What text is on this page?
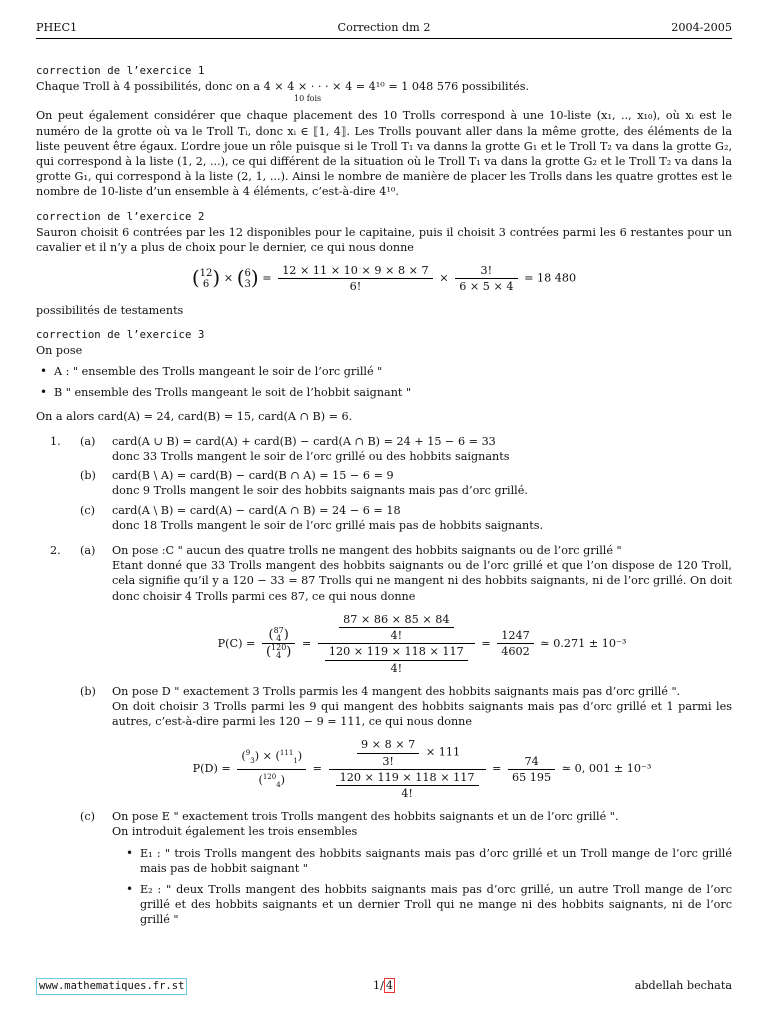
PHEC1	Correction dm 2	2004-2005
correction de l’exercice 1

Chaque Troll à 4 possibilités, donc on a 4 × 4 × · · · × 4 = 4¹⁰ = 1 048 576 possibilités.

10 fois

On peut également considérer que chaque placement des 10 Trolls correspond à une 10-liste (x₁, .., x₁₀), où xᵢ est le numéro de la grotte où va le Troll Tᵢ, donc xᵢ ∈ ⟦1, 4⟧. Les Trolls pouvant aller dans la même grotte, des éléments de la liste peuvent être égaux. L’ordre joue un rôle puisque si le Troll T₁ va danns la grotte G₁ et le Troll T₂ va dans la grotte G₂, qui correspond à la liste (1, 2, ...), ce qui différent de la situation où le Troll T₁ va dans la grotte G₂ et le Troll T₂ va dans la grotte G₁, qui correspond à la liste (2, 1, ...). Ainsi le nombre de manière de placer les Trolls dans les quatre grottes est le nombre de 10-liste d’un ensemble à 4 éléments, c’est-à-dire 4¹⁰.

correction de l’exercice 2

Sauron choisit 6 contrées par les 12 disponibles pour le capitaine, puis il choisit 3 contrées parmi les 6 restantes pour un cavalier et il n’y a plus de choix pour le dernier, ce qui nous donne

(12
6 ) × (6
$3) = \frac{12 \times 11 \times 10 \times 9 \times 8 \times 7}{6!} \times \frac{3!}{6 \times 5 \times 4} = 18$ 480

possibilités de testaments

correction de l’exercice 3

On pose

• A : " ensemble des Trolls mangeant le soir de l’orc grillé "
• B " ensemble des Trolls mangeant le soit de l’hobbit saignant "

On a alors card(A) = 24, card(B) = 15, card(A ∩ B) = 6.

1. (a) card(A ∪ B) = card(A) + card(B) − card(A ∩ B) = 24 + 15 − 6 = 33
donc 33 Trolls mangent le soir de l’orc grillé ou des hobbits saignants
(b) card(B \ A) = card(B) − card(B ∩ A) = 15 − 6 = 9
donc 9 Trolls mangent le soir des hobbits saignants mais pas d’orc grillé.
(c) card(A \ B) = card(A) − card(A ∩ B) = 24 − 6 = 18
donc 18 Trolls mangent le soir de l’orc grillé mais pas de hobbits saignants.
2. (a) On pose :C " aucun des quatre trolls ne mangent des hobbits saignants ou de l’orc grillé "
Etant donné que 33 Trolls mangent des hobbits saignants ou de l’orc grillé et que l’on dispose de 120 Troll, cela signifie qu’il y a 120 − 33 = 87 Trolls qui ne mangent ni des hobbits saignants, ni de l’orc grillé. On doit donc choisir 4 Trolls parmi ces 87, ce qui nous donne
P(C) =
(87
4 )
(120
4 )
= $\frac{\frac{87 \times 86 \times 85 \times 84}{4!}}{\frac{120 \times 119 \times 118 \times 117}{4!}} = \frac{1247}{4602}$ ≃ 0.271 ± 10⁻³
(b) On pose D " exactement 3 Trolls parmis les 4 mangent des hobbits saignants mais pas d’orc grillé ".
On doit choisir 3 Trolls parmi les 9 qui mangent des hobbits saignants mais pas d’orc grillé et 1 parmi les autres, c’est-à-dire parmi les 120 − 9 = 111, ce qui nous donne
$P(D) = \frac{(^9_3) \times (^{111}_1)}{(^{120}_4)} = \frac{\frac{9 \times 8 \times 7}{3!} \times 111}{\frac{120 \times 119 \times 118 \times 117}{4!}} = \frac{74}{65 195}$ ≃ 0, 001 ± 10⁻³
(c) On pose E " exactement trois Trolls mangent des hobbits saignants et un de l’orc grillé ".
On introduit également les trois ensembles
• E₁ : " trois Trolls mangent des hobbits saignants mais pas d’orc grillé et un Troll mange de l’orc grillé mais pas de hobbit saignant "
• E₂ : " deux Trolls mangent des hobbits saignants mais pas d’orc grillé, un autre Troll mange de l’orc grillé et des hobbits saignants et un dernier Troll qui ne mange ni des hobbits saignants, ni de l’orc grillé "
www.mathematiques.fr.st	1/ 4	abdellah bechata
